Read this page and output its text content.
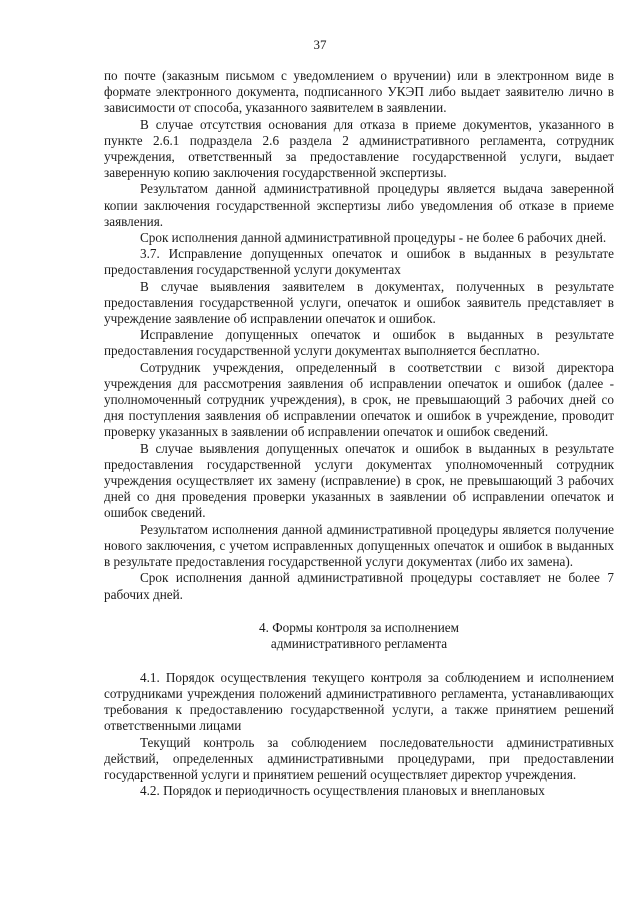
37

по почте (заказным письмом с уведомлением о вручении) или в электронном виде в формате электронного документа, подписанного УКЭП либо выдает заявителю лично в зависимости от способа, указанного заявителем в заявлении.

В случае отсутствия основания для отказа в приеме документов, указанного в пункте 2.6.1 подраздела 2.6 раздела 2 административного регламента, сотрудник учреждения, ответственный за предоставление государственной услуги, выдает заверенную копию заключения государственной экспертизы.

Результатом данной административной процедуры является выдача заверенной копии заключения государственной экспертизы либо уведомления об отказе в приеме заявления.

Срок исполнения данной административной процедуры - не более 6 рабочих дней.

3.7. Исправление допущенных опечаток и ошибок в выданных в результате предоставления государственной услуги документах

В случае выявления заявителем в документах, полученных в результате предоставления государственной услуги, опечаток и ошибок заявитель представляет в учреждение заявление об исправлении опечаток и ошибок.

Исправление допущенных опечаток и ошибок в выданных в результате предоставления государственной услуги документах выполняется бесплатно.

Сотрудник учреждения, определенный в соответствии с визой директора учреждения для рассмотрения заявления об исправлении опечаток и ошибок (далее - уполномоченный сотрудник учреждения), в срок, не превышающий 3 рабочих дней со дня поступления заявления об исправлении опечаток и ошибок в учреждение, проводит проверку указанных в заявлении об исправлении опечаток и ошибок сведений.

В случае выявления допущенных опечаток и ошибок в выданных в результате предоставления государственной услуги документах уполномоченный сотрудник учреждения осуществляет их замену (исправление) в срок, не превышающий 3 рабочих дней со дня проведения проверки указанных в заявлении об исправлении опечаток и ошибок сведений.

Результатом исполнения данной административной процедуры является получение нового заключения, с учетом исправленных допущенных опечаток и ошибок в выданных в результате предоставления государственной услуги документах (либо их замена).

Срок исполнения данной административной процедуры составляет не более 7 рабочих дней.

4. Формы контроля за исполнением
административного регламента

4.1. Порядок осуществления текущего контроля за соблюдением и исполнением сотрудниками учреждения положений административного регламента, устанавливающих требования к предоставлению государственной услуги, а также принятием решений ответственными лицами

Текущий контроль за соблюдением последовательности административных действий, определенных административными процедурами, при предоставлении государственной услуги и принятием решений осуществляет директор учреждения.

4.2. Порядок и периодичность осуществления плановых и внеплановых
